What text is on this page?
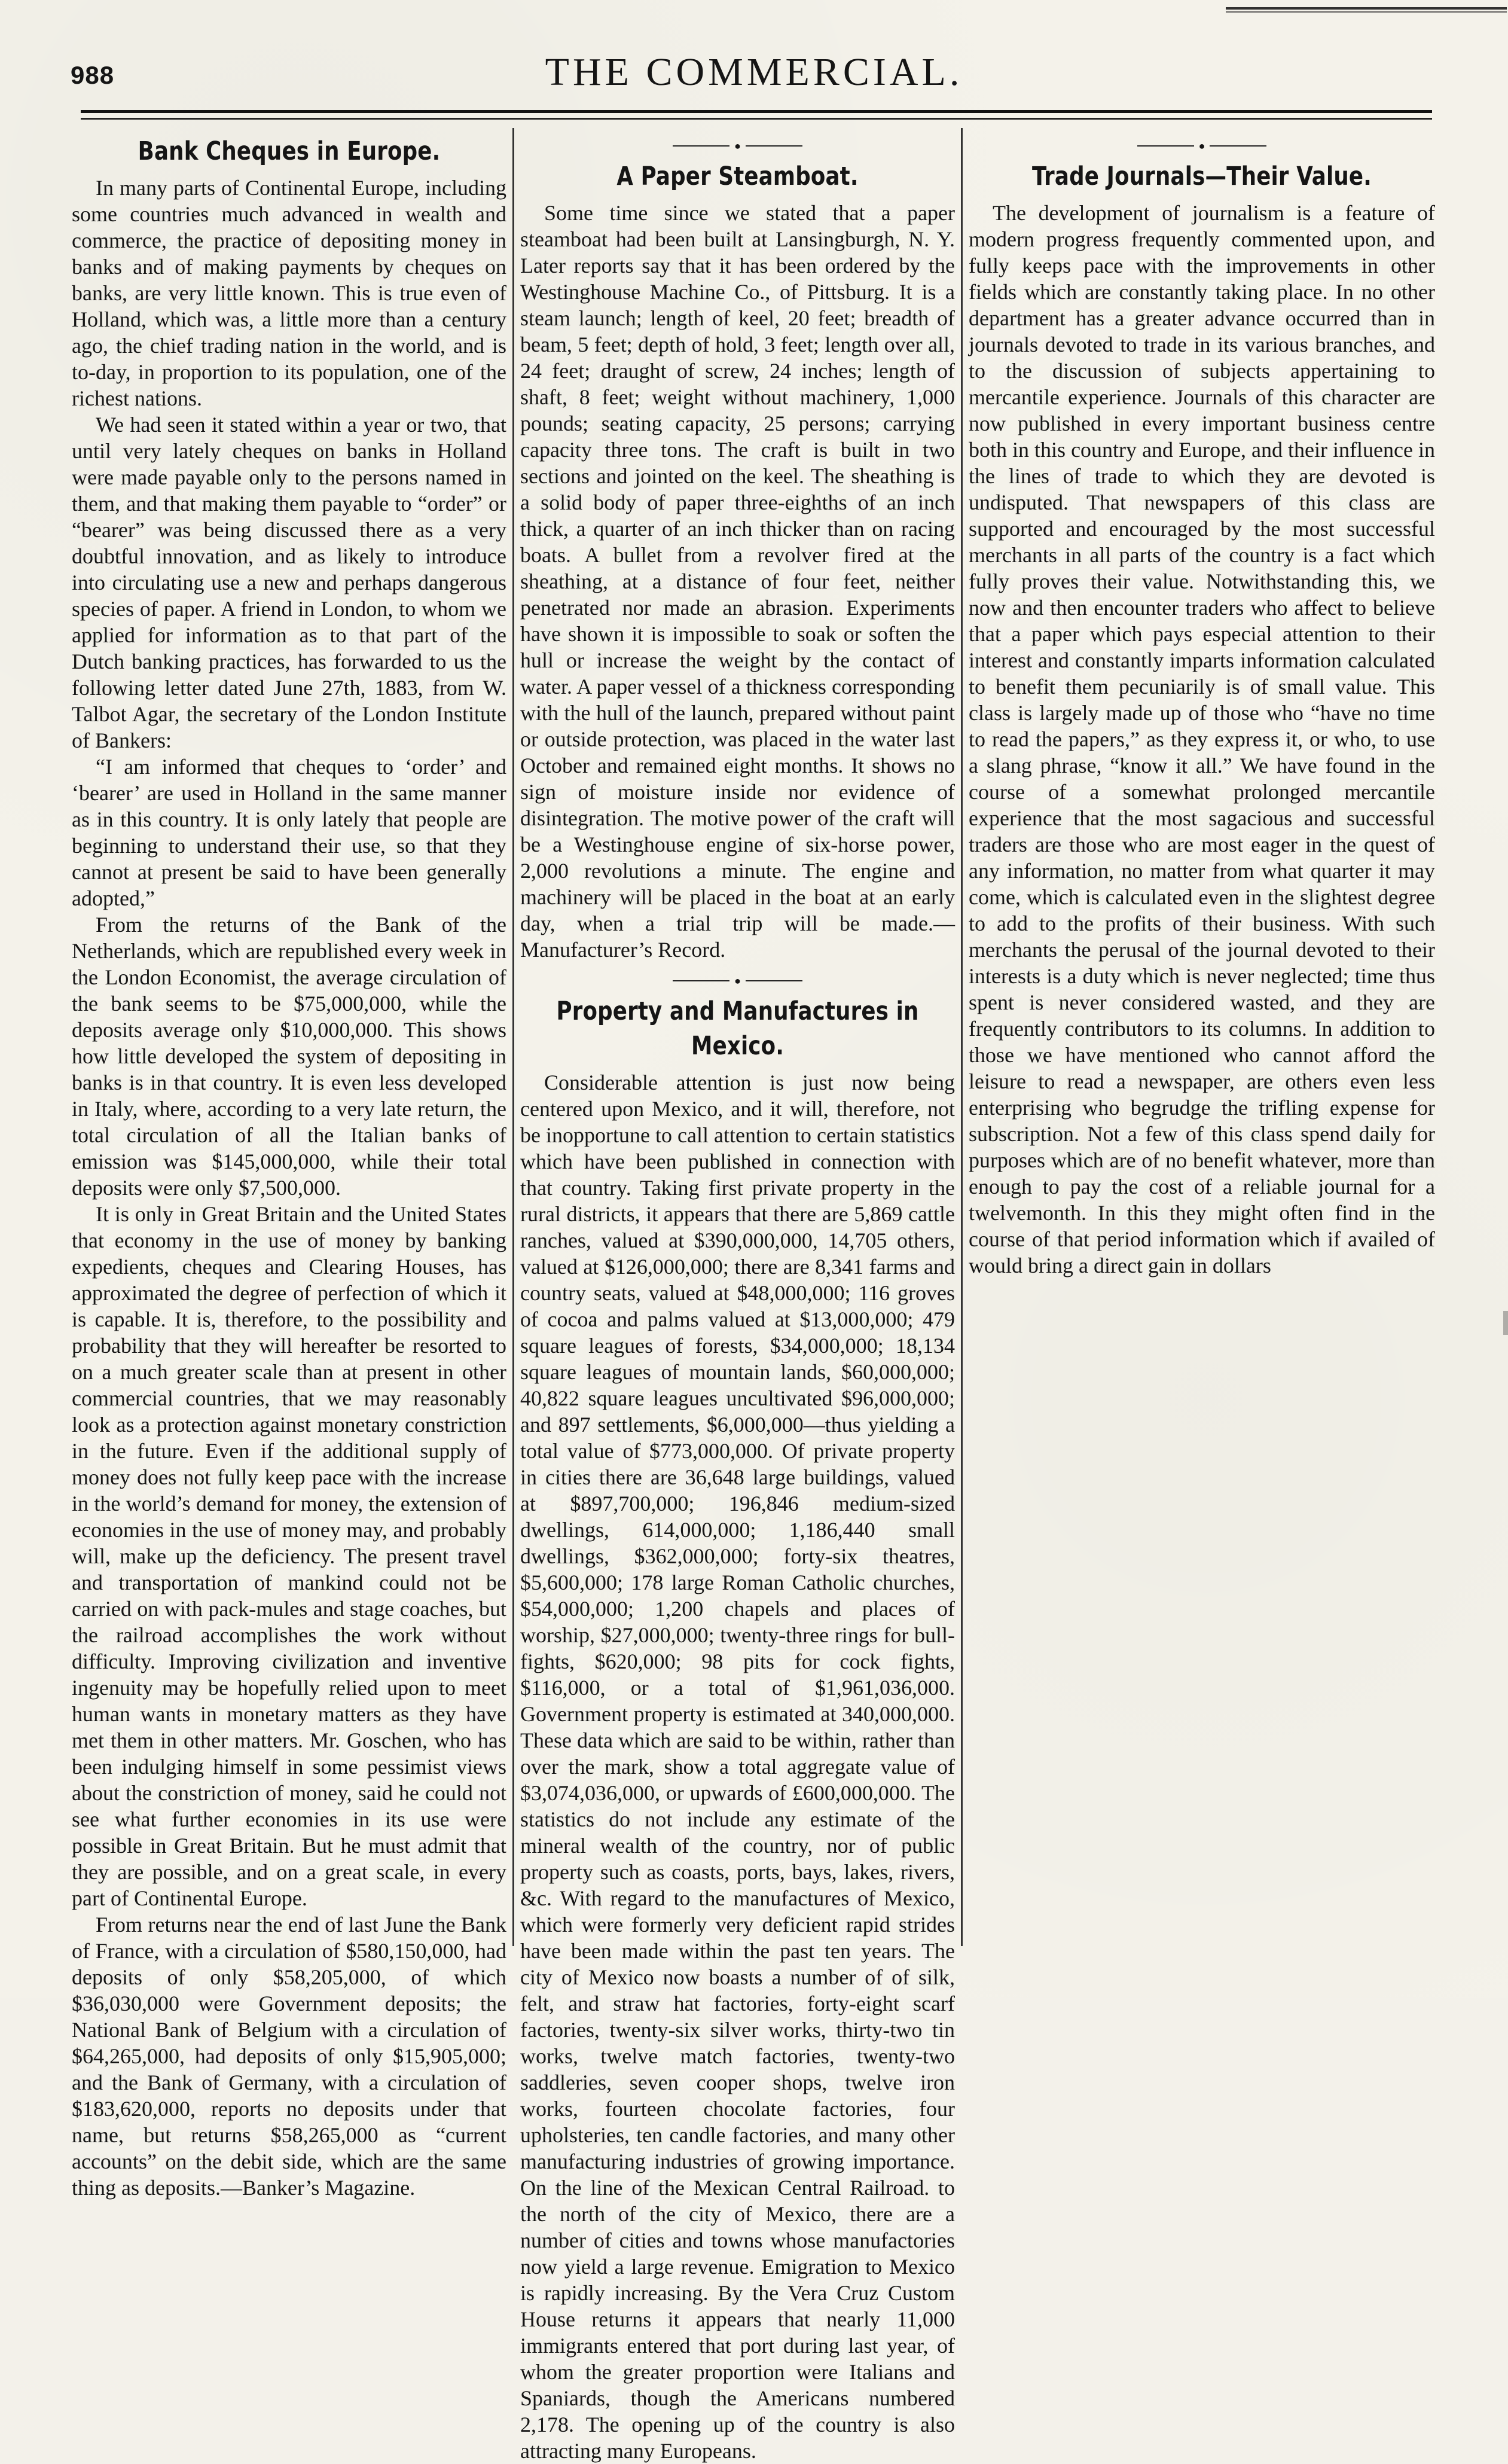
988	THE COMMERCIAL.
Bank Cheques in Europe.

In many parts of Continental Europe, including some countries much advanced in wealth and commerce, the practice of depositing money in banks and of making payments by cheques on banks, are very little known. This is true even of Holland, which was, a little more than a century ago, the chief trading nation in the world, and is to-day, in proportion to its population, one of the richest nations.

We had seen it stated within a year or two, that until very lately cheques on banks in Holland were made payable only to the persons named in them, and that making them payable to “order” or “bearer” was being discussed there as a very doubtful innovation, and as likely to introduce into circulating use a new and perhaps dangerous species of paper. A friend in London, to whom we applied for information as to that part of the Dutch banking practices, has forwarded to us the following letter dated June 27th, 1883, from W. Talbot Agar, the secretary of the London Institute of Bankers:

“I am informed that cheques to ‘order’ and ‘bearer’ are used in Holland in the same manner as in this country. It is only lately that people are beginning to understand their use, so that they cannot at present be said to have been generally adopted,”

From the returns of the Bank of the Netherlands, which are republished every week in the London Economist, the average circulation of the bank seems to be $75,000,000, while the deposits average only $10,000,000. This shows how little developed the system of depositing in banks is in that country. It is even less developed in Italy, where, according to a very late return, the total circulation of all the Italian banks of emission was $145,000,000, while their total deposits were only $7,500,000.

It is only in Great Britain and the United States that economy in the use of money by banking expedients, cheques and Clearing Houses, has approximated the degree of perfection of which it is capable. It is, therefore, to the possibility and probability that they will hereafter be resorted to on a much greater scale than at present in other commercial countries, that we may reasonably look as a protection against monetary constriction in the future. Even if the additional supply of money does not fully keep pace with the increase in the world’s demand for money, the extension of economies in the use of money may, and probably will, make up the deficiency. The present travel and transportation of mankind could not be carried on with pack-mules and stage coaches, but the railroad accomplishes the work without difficulty. Improving civilization and inventive ingenuity may be hopefully relied upon to meet human wants in monetary matters as they have met them in other matters. Mr. Goschen, who has been indulging himself in some pessimist views about the constriction of money, said he could not see what further economies in its use were possible in Great Britain. But he must admit that they are possible, and on a great scale, in every part of Continental Europe.

From returns near the end of last June the Bank of France, with a circulation of $580,150,000, had deposits of only $58,205,000, of which $36,030,000 were Government deposits; the National Bank of Belgium with a circulation of $64,265,000, had deposits of only $15,905,000; and the Bank of Germany, with a circulation of $183,620,000, reports no deposits under that name, but returns $58,265,000 as “current accounts” on the debit side, which are the same thing as deposits.—Banker’s Magazine.

●
A Paper Steamboat.

Some time since we stated that a paper steamboat had been built at Lansingburgh, N. Y. Later reports say that it has been ordered by the Westinghouse Machine Co., of Pittsburg. It is a steam launch; length of keel, 20 feet; breadth of beam, 5 feet; depth of hold, 3 feet; length over all, 24 feet; draught of screw, 24 inches; length of shaft, 8 feet; weight without machinery, 1,000 pounds; seating capacity, 25 persons; carrying capacity three tons. The craft is built in two sections and jointed on the keel. The sheathing is a solid body of paper three-eighths of an inch thick, a quarter of an inch thicker than on racing boats. A bullet from a revolver fired at the sheathing, at a distance of four feet, neither penetrated nor made an abrasion. Experiments have shown it is impossible to soak or soften the hull or increase the weight by the contact of water. A paper vessel of a thickness corresponding with the hull of the launch, prepared without paint or outside protection, was placed in the water last October and remained eight months. It shows no sign of moisture inside nor evidence of disintegration. The motive power of the craft will be a Westinghouse engine of six-horse power, 2,000 revolutions a minute. The engine and machinery will be placed in the boat at an early day, when a trial trip will be made.—Manufacturer’s Record.

●
Property and Manufactures in Mexico.

Considerable attention is just now being centered upon Mexico, and it will, therefore, not be inopportune to call attention to certain statistics which have been published in connection with that country. Taking first private property in the rural districts, it appears that there are 5,869 cattle ranches, valued at $390,000,000, 14,705 others, valued at $126,000,000; there are 8,341 farms and country seats, valued at $48,000,000; 116 groves of cocoa and palms valued at $13,000,000; 479 square leagues of forests, $34,000,000; 18,134 square leagues of mountain lands, $60,000,000; 40,822 square leagues uncultivated $96,000,000; and 897 settlements, $6,000,000—thus yielding a total value of $773,000,000. Of private property in cities there are 36,648 large buildings, valued at $897,700,000; 196,846 medium-sized dwellings, 614,000,000; 1,186,440 small dwellings, $362,000,000; forty-six theatres, $5,600,000; 178 large Roman Catholic churches, $54,000,000; 1,200 chapels and places of worship, $27,000,000; twenty-three rings for bull-fights, $620,000; 98 pits for cock fights, $116,000, or a total of $1,961,036,000. Government property is estimated at 340,000,000. These data which are said to be within, rather than over the mark, show a total aggregate value of $3,074,036,000, or upwards of £600,000,000. The statistics do not include any estimate of the mineral wealth of the country, nor of public property such as coasts, ports, bays, lakes, rivers, &c. With regard to the manufactures of Mexico, which were formerly very deficient rapid strides have been made within the past ten years. The city of Mexico now boasts a number of of silk, felt, and straw hat factories, forty-eight scarf factories, twenty-six silver works, thirty-two tin works, twelve match factories, twenty-two saddleries, seven cooper shops, twelve iron works, fourteen chocolate factories, four upholsteries, ten candle factories, and many other manufacturing industries of growing importance. On the line of the Mexican Central Railroad. to the north of the city of Mexico, there are a number of cities and towns whose manufactories now yield a large revenue. Emigration to Mexico is rapidly increasing. By the Vera Cruz Custom House returns it appears that nearly 11,000 immigrants entered that port during last year, of whom the greater proportion were Italians and Spaniards, though the Americans numbered 2,178. The opening up of the country is also attracting many Europeans.

●
Trade Journals—Their Value.

The development of journalism is a feature of modern progress frequently commented upon, and fully keeps pace with the improvements in other fields which are constantly taking place. In no other department has a greater advance occurred than in journals devoted to trade in its various branches, and to the discussion of subjects appertaining to mercantile experience. Journals of this character are now published in every important business centre both in this country and Europe, and their influence in the lines of trade to which they are devoted is undisputed. That newspapers of this class are supported and encouraged by the most successful merchants in all parts of the country is a fact which fully proves their value. Notwithstanding this, we now and then encounter traders who affect to believe that a paper which pays especial attention to their interest and constantly imparts information calculated to benefit them pecuniarily is of small value. This class is largely made up of those who “have no time to read the papers,” as they express it, or who, to use a slang phrase, “know it all.” We have found in the course of a somewhat prolonged mercantile experience that the most sagacious and successful traders are those who are most eager in the quest of any information, no matter from what quarter it may come, which is calculated even in the slightest degree to add to the profits of their business. With such merchants the perusal of the journal devoted to their interests is a duty which is never neglected; time thus spent is never considered wasted, and they are frequently contributors to its columns. In addition to those we have mentioned who cannot afford the leisure to read a newspaper, are others even less enterprising who begrudge the trifling expense for subscription. Not a few of this class spend daily for purposes which are of no benefit whatever, more than enough to pay the cost of a reliable journal for a twelvemonth. In this they might often find in the course of that period information which if availed of would bring a direct gain in dollars
